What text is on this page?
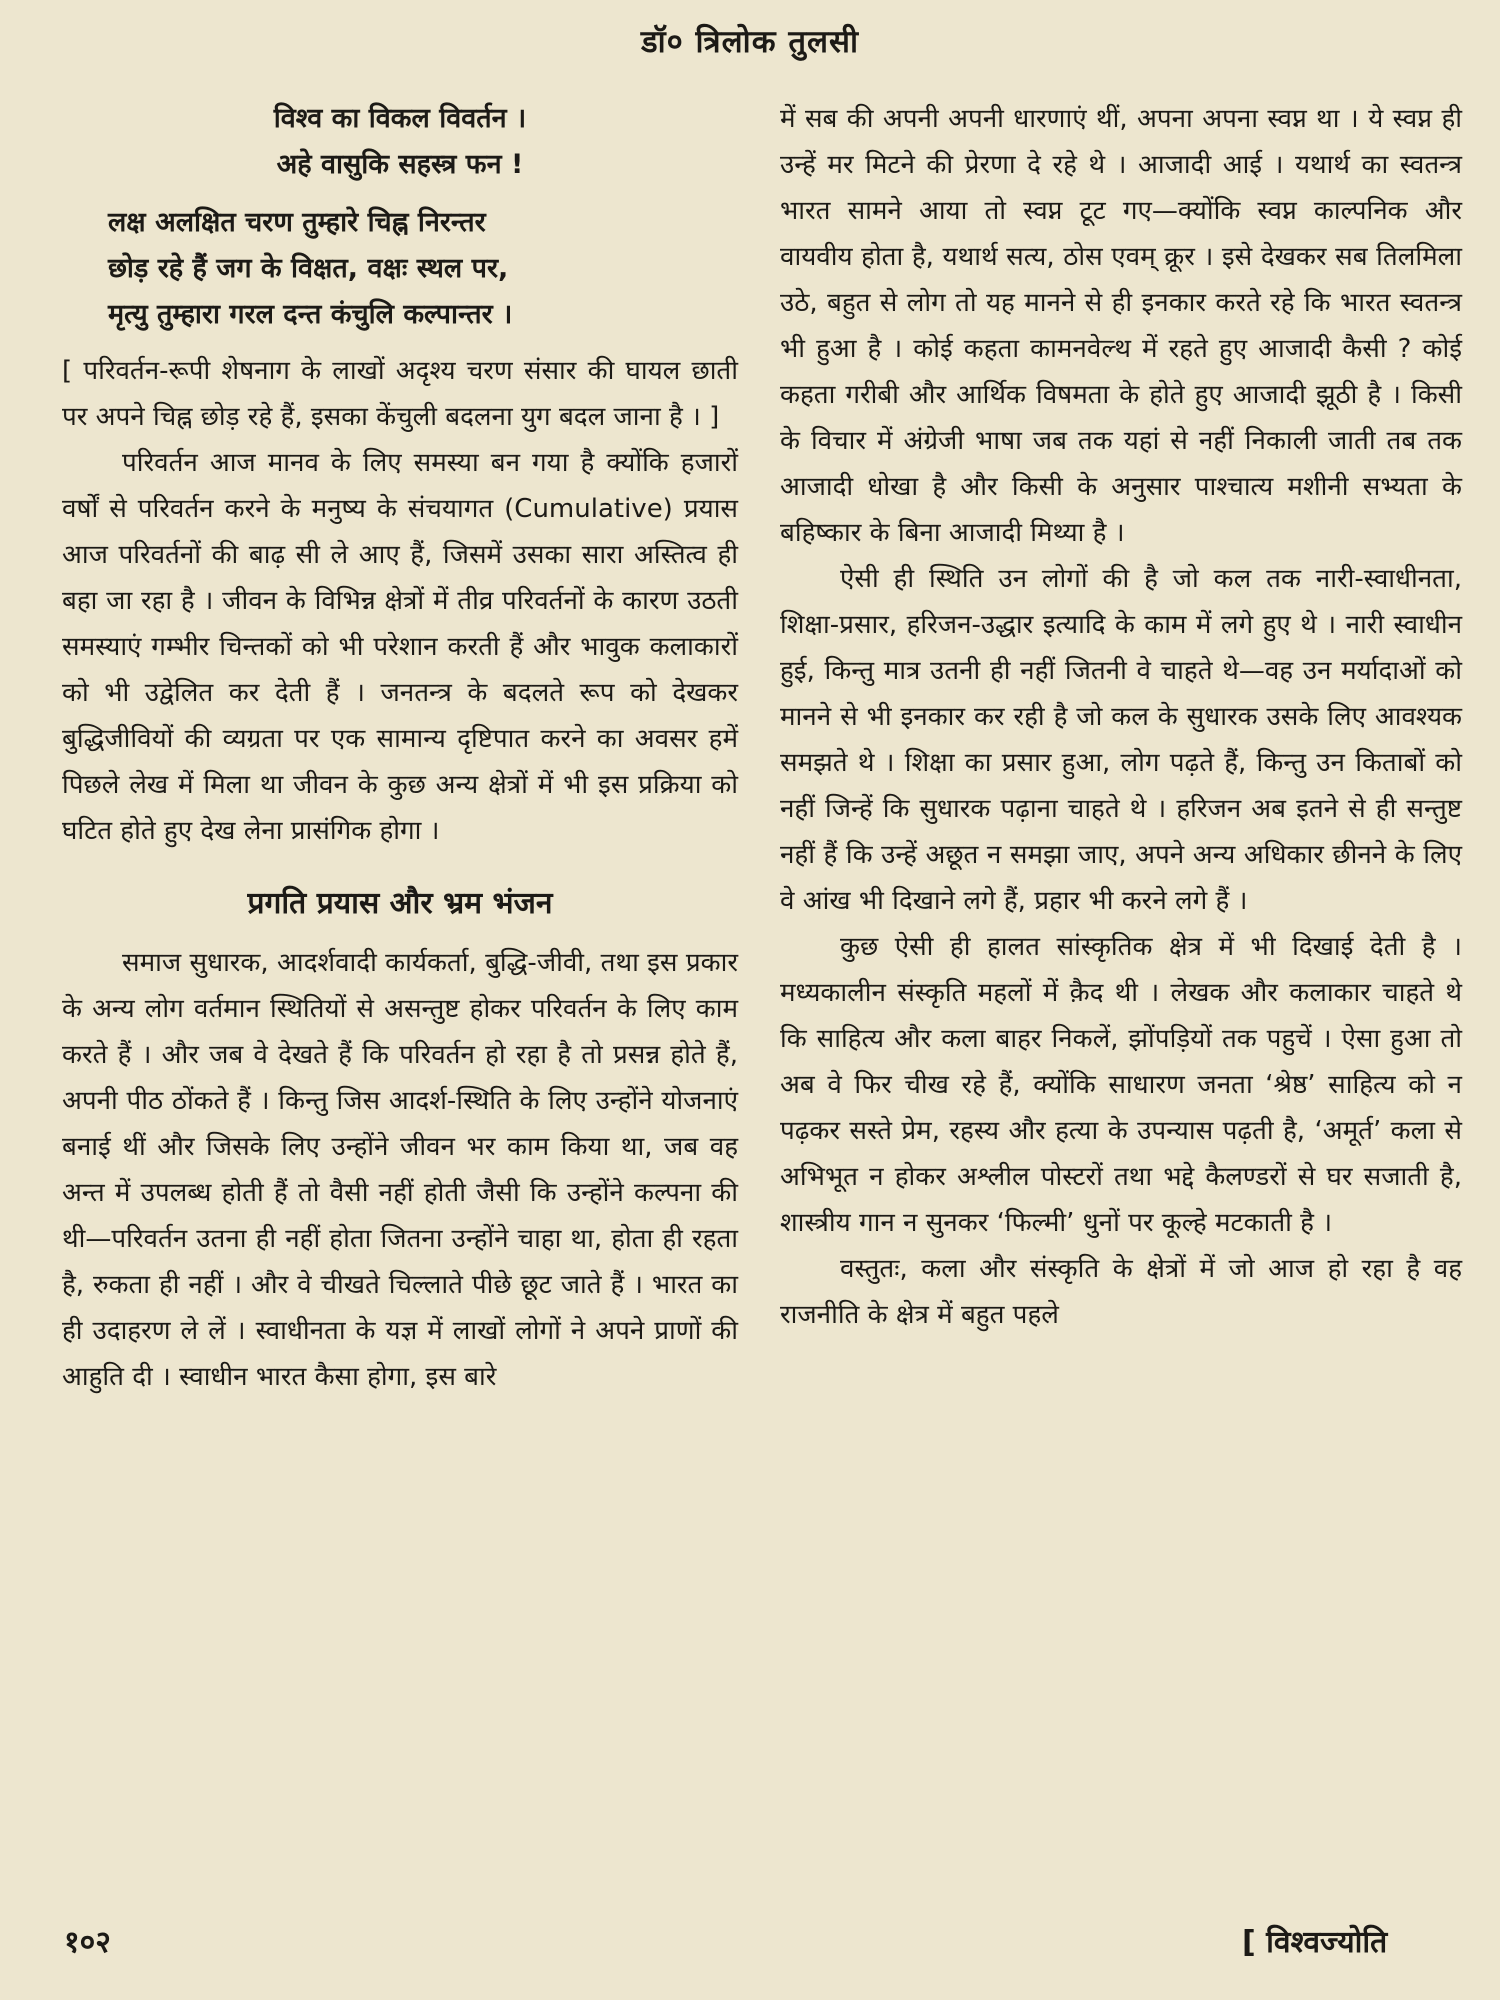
डॉ० त्रिलोक तुलसी
विश्व का विकल विवर्तन ।
अहे वासुकि सहस्त्र फन !
लक्ष अलक्षित चरण तुम्हारे चिह्न निरन्तर
छोड़ रहे हैं जग के विक्षत, वक्षः स्थल पर,
मृत्यु तुम्हारा गरल दन्त कंचुलि कल्पान्तर ।

[ परिवर्तन-रूपी शेषनाग के लाखों अदृश्य चरण संसार की घायल छाती पर अपने चिह्न छोड़ रहे हैं, इसका केंचुली बदलना युग बदल जाना है । ]

परिवर्तन आज मानव के लिए समस्या बन गया है क्योंकि हजारों वर्षों से परिवर्तन करने के मनुष्य के संचयागत (Cumulative) प्रयास आज परिवर्तनों की बाढ़ सी ले आए हैं, जिसमें उसका सारा अस्तित्व ही बहा जा रहा है । जीवन के विभिन्न क्षेत्रों में तीव्र परिवर्तनों के कारण उठती समस्याएं गम्भीर चिन्तकों को भी परेशान करती हैं और भावुक कलाकारों को भी उद्वेलित कर देती हैं । जनतन्त्र के बदलते रूप को देखकर बुद्धिजीवियों की व्यग्रता पर एक सामान्य दृष्टिपात करने का अवसर हमें पिछले लेख में मिला था जीवन के कुछ अन्य क्षेत्रों में भी इस प्रक्रिया को घटित होते हुए देख लेना प्रासंगिक होगा ।

प्रगति प्रयास और भ्रम भंजन

समाज सुधारक, आदर्शवादी कार्यकर्ता, बुद्धि-जीवी, तथा इस प्रकार के अन्य लोग वर्तमान स्थितियों से असन्तुष्ट होकर परिवर्तन के लिए काम करते हैं । और जब वे देखते हैं कि परिवर्तन हो रहा है तो प्रसन्न होते हैं, अपनी पीठ ठोंकते हैं । किन्तु जिस आदर्श-स्थिति के लिए उन्होंने योजनाएं बनाई थीं और जिसके लिए उन्होंने जीवन भर काम किया था, जब वह अन्त में उपलब्ध होती हैं तो वैसी नहीं होती जैसी कि उन्होंने कल्पना की थी—परिवर्तन उतना ही नहीं होता जितना उन्होंने चाहा था, होता ही रहता है, रुकता ही नहीं । और वे चीखते चिल्लाते पीछे छूट जाते हैं । भारत का ही उदाहरण ले लें । स्वाधीनता के यज्ञ में लाखों लोगों ने अपने प्राणों की आहुति दी । स्वाधीन भारत कैसा होगा, इस बारे

में सब की अपनी अपनी धारणाएं थीं, अपना अपना स्वप्न था । ये स्वप्न ही उन्हें मर मिटने की प्रेरणा दे रहे थे । आजादी आई । यथार्थ का स्वतन्त्र भारत सामने आया तो स्वप्न टूट गए—क्योंकि स्वप्न काल्पनिक और वायवीय होता है, यथार्थ सत्य, ठोस एवम् क्रूर । इसे देखकर सब तिलमिला उठे, बहुत से लोग तो यह मानने से ही इनकार करते रहे कि भारत स्वतन्त्र भी हुआ है । कोई कहता कामनवेल्थ में रहते हुए आजादी कैसी ? कोई कहता गरीबी और आर्थिक विषमता के होते हुए आजादी झूठी है । किसी के विचार में अंग्रेजी भाषा जब तक यहां से नहीं निकाली जाती तब तक आजादी धोखा है और किसी के अनुसार पाश्चात्य मशीनी सभ्यता के बहिष्कार के बिना आजादी मिथ्या है ।

ऐसी ही स्थिति उन लोगों की है जो कल तक नारी-स्वाधीनता, शिक्षा-प्रसार, हरिजन-उद्धार इत्यादि के काम में लगे हुए थे । नारी स्वाधीन हुई, किन्तु मात्र उतनी ही नहीं जितनी वे चाहते थे—वह उन मर्यादाओं को मानने से भी इनकार कर रही है जो कल के सुधारक उसके लिए आवश्यक समझते थे । शिक्षा का प्रसार हुआ, लोग पढ़ते हैं, किन्तु उन किताबों को नहीं जिन्हें कि सुधारक पढ़ाना चाहते थे । हरिजन अब इतने से ही सन्तुष्ट नहीं हैं कि उन्हें अछूत न समझा जाए, अपने अन्य अधिकार छीनने के लिए वे आंख भी दिखाने लगे हैं, प्रहार भी करने लगे हैं ।

कुछ ऐसी ही हालत सांस्कृतिक क्षेत्र में भी दिखाई देती है । मध्यकालीन संस्कृति महलों में क़ैद थी । लेखक और कलाकार चाहते थे कि साहित्य और कला बाहर निकलें, झोंपड़ियों तक पहुचें । ऐसा हुआ तो अब वे फिर चीख रहे हैं, क्योंकि साधारण जनता ‘श्रेष्ठ’ साहित्य को न पढ़कर सस्ते प्रेम, रहस्य और हत्या के उपन्यास पढ़ती है, ‘अमूर्त’ कला से अभिभूत न होकर अश्लील पोस्टरों तथा भद्दे कैलण्डरों से घर सजाती है, शास्त्रीय गान न सुनकर ‘फिल्मी’ धुनों पर कूल्हे मटकाती है ।

वस्तुतः, कला और संस्कृति के क्षेत्रों में जो आज हो रहा है वह राजनीति के क्षेत्र में बहुत पहले

१०२	[ विश्वज्योति
